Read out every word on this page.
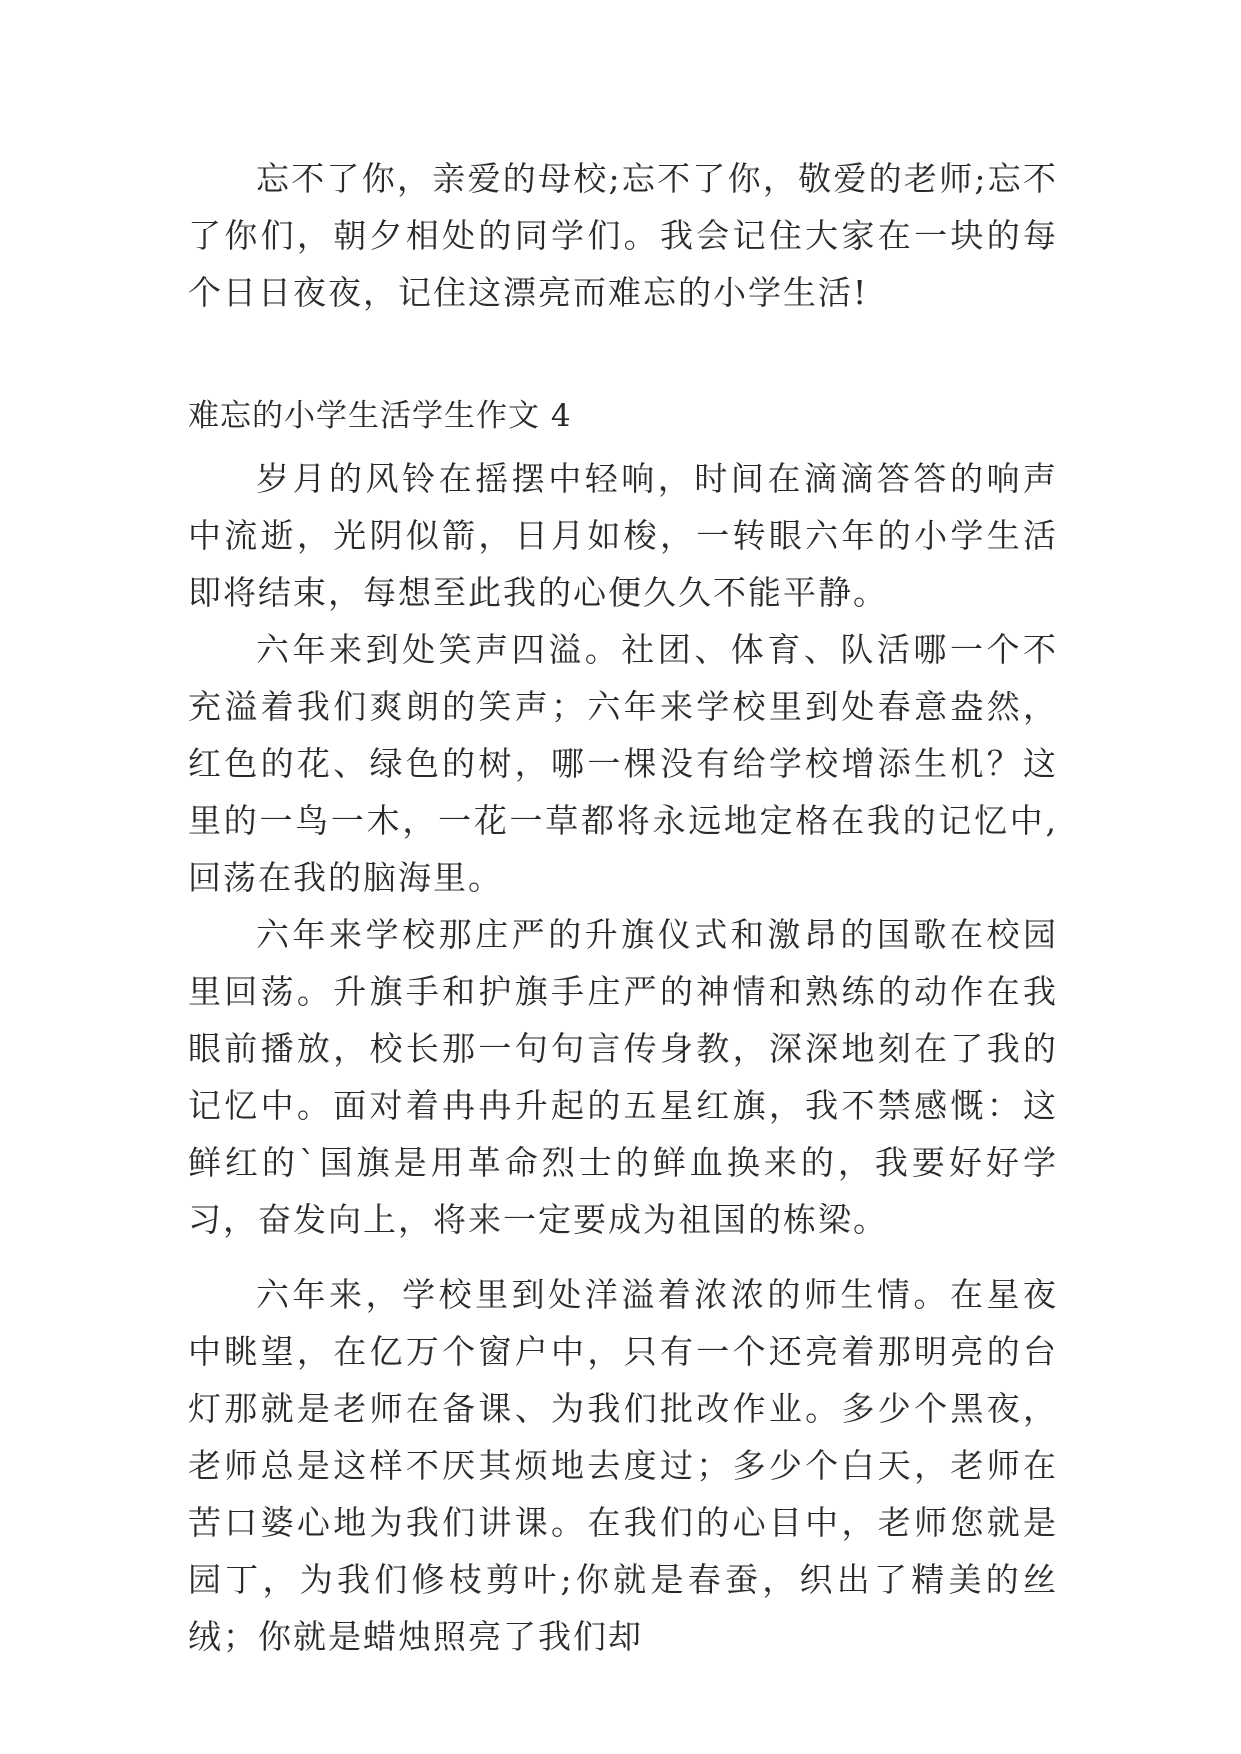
忘不了你，亲爱的母校;忘不了你，敬爱的老师;忘不了你们，朝夕相处的同学们。我会记住大家在一块的每个日日夜夜，记住这漂亮而难忘的小学生活!

难忘的小学生活学生作文 4

岁月的风铃在摇摆中轻响，时间在滴滴答答的响声中流逝，光阴似箭，日月如梭，一转眼六年的小学生活即将结束，每想至此我的心便久久不能平静。

六年来到处笑声四溢。社团、体育、队活哪一个不充溢着我们爽朗的笑声；六年来学校里到处春意盎然，红色的花、绿色的树，哪一棵没有给学校增添生机？这里的一鸟一木，一花一草都将永远地定格在我的记忆中,回荡在我的脑海里。

六年来学校那庄严的升旗仪式和激昂的国歌在校园里回荡。升旗手和护旗手庄严的神情和熟练的动作在我眼前播放，校长那一句句言传身教，深深地刻在了我的记忆中。面对着冉冉升起的五星红旗，我不禁感慨：这鲜红的`国旗是用革命烈士的鲜血换来的，我要好好学习，奋发向上，将来一定要成为祖国的栋梁。

六年来，学校里到处洋溢着浓浓的师生情。在星夜中眺望，在亿万个窗户中，只有一个还亮着那明亮的台灯那就是老师在备课、为我们批改作业。多少个黑夜，老师总是这样不厌其烦地去度过；多少个白天，老师在苦口婆心地为我们讲课。在我们的心目中，老师您就是园丁，为我们修枝剪叶;你就是春蚕，织出了精美的丝绒；你就是蜡烛照亮了我们却
